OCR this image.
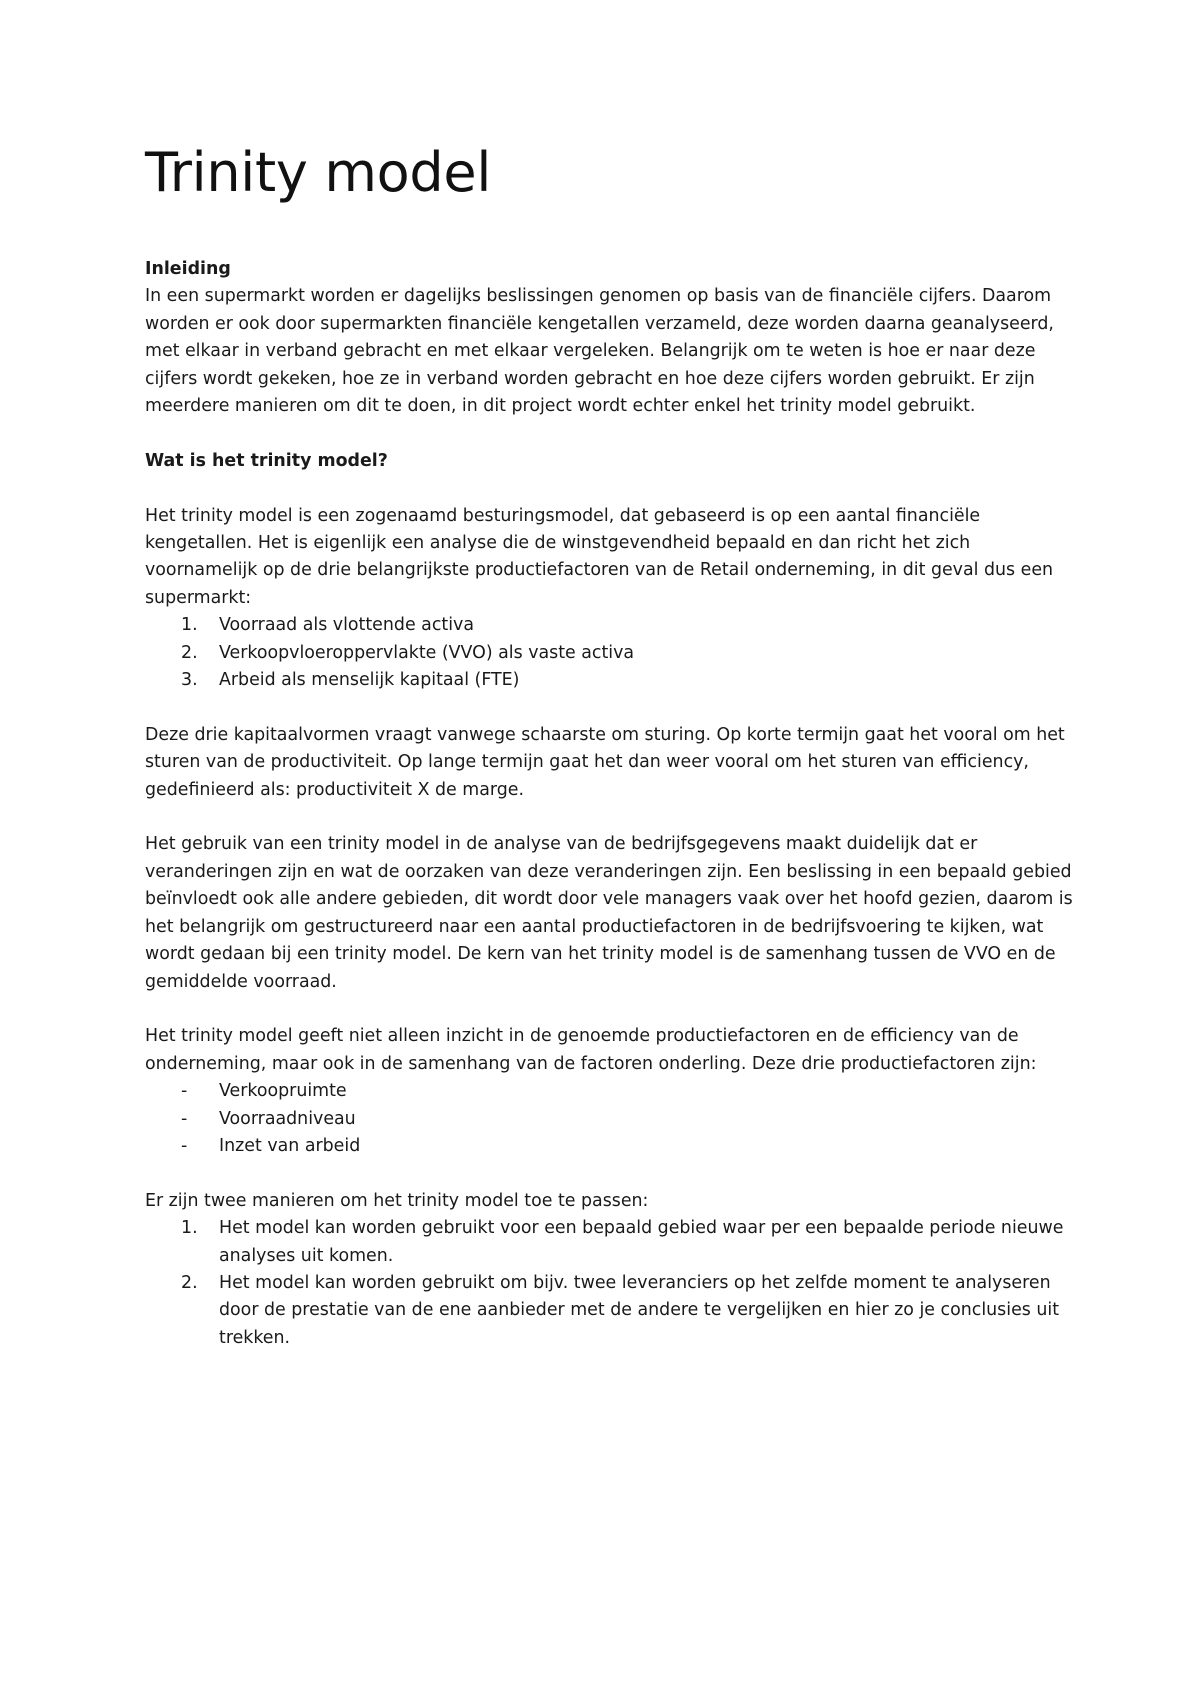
Trinity model

Inleiding

In een supermarkt worden er dagelijks beslissingen genomen op basis van de financiële cijfers. Daarom worden er ook door supermarkten financiële kengetallen verzameld, deze worden daarna geanalyseerd, met elkaar in verband gebracht en met elkaar vergeleken. Belangrijk om te weten is hoe er naar deze cijfers wordt gekeken, hoe ze in verband worden gebracht en hoe deze cijfers worden gebruikt. Er zijn meerdere manieren om dit te doen, in dit project wordt echter enkel het trinity model gebruikt.

Wat is het trinity model?

Het trinity model is een zogenaamd besturingsmodel, dat gebaseerd is op een aantal financiële kengetallen. Het is eigenlijk een analyse die de winstgevendheid bepaald en dan richt het zich voornamelijk op de drie belangrijkste productiefactoren van de Retail onderneming, in dit geval dus een supermarkt:

1. Voorraad als vlottende activa
2. Verkoopvloeroppervlakte (VVO) als vaste activa
3. Arbeid als menselijk kapitaal (FTE)

Deze drie kapitaalvormen vraagt vanwege schaarste om sturing. Op korte termijn gaat het vooral om het sturen van de productiviteit. Op lange termijn gaat het dan weer vooral om het sturen van efficiency, gedefinieerd als: productiviteit X de marge.

Het gebruik van een trinity model in de analyse van de bedrijfsgegevens maakt duidelijk dat er veranderingen zijn en wat de oorzaken van deze veranderingen zijn. Een beslissing in een bepaald gebied beïnvloedt ook alle andere gebieden, dit wordt door vele managers vaak over het hoofd gezien, daarom is het belangrijk om gestructureerd naar een aantal productiefactoren in de bedrijfsvoering te kijken, wat wordt gedaan bij een trinity model. De kern van het trinity model is de samenhang tussen de VVO en de gemiddelde voorraad.

Het trinity model geeft niet alleen inzicht in de genoemde productiefactoren en de efficiency van de onderneming, maar ook in de samenhang van de factoren onderling. Deze drie productiefactoren zijn:

- Verkoopruimte
- Voorraadniveau
- Inzet van arbeid

Er zijn twee manieren om het trinity model toe te passen:

1. Het model kan worden gebruikt voor een bepaald gebied waar per een bepaalde periode nieuwe analyses uit komen.
2. Het model kan worden gebruikt om bijv. twee leveranciers op het zelfde moment te analyseren door de prestatie van de ene aanbieder met de andere te vergelijken en hier zo je conclusies uit trekken.
